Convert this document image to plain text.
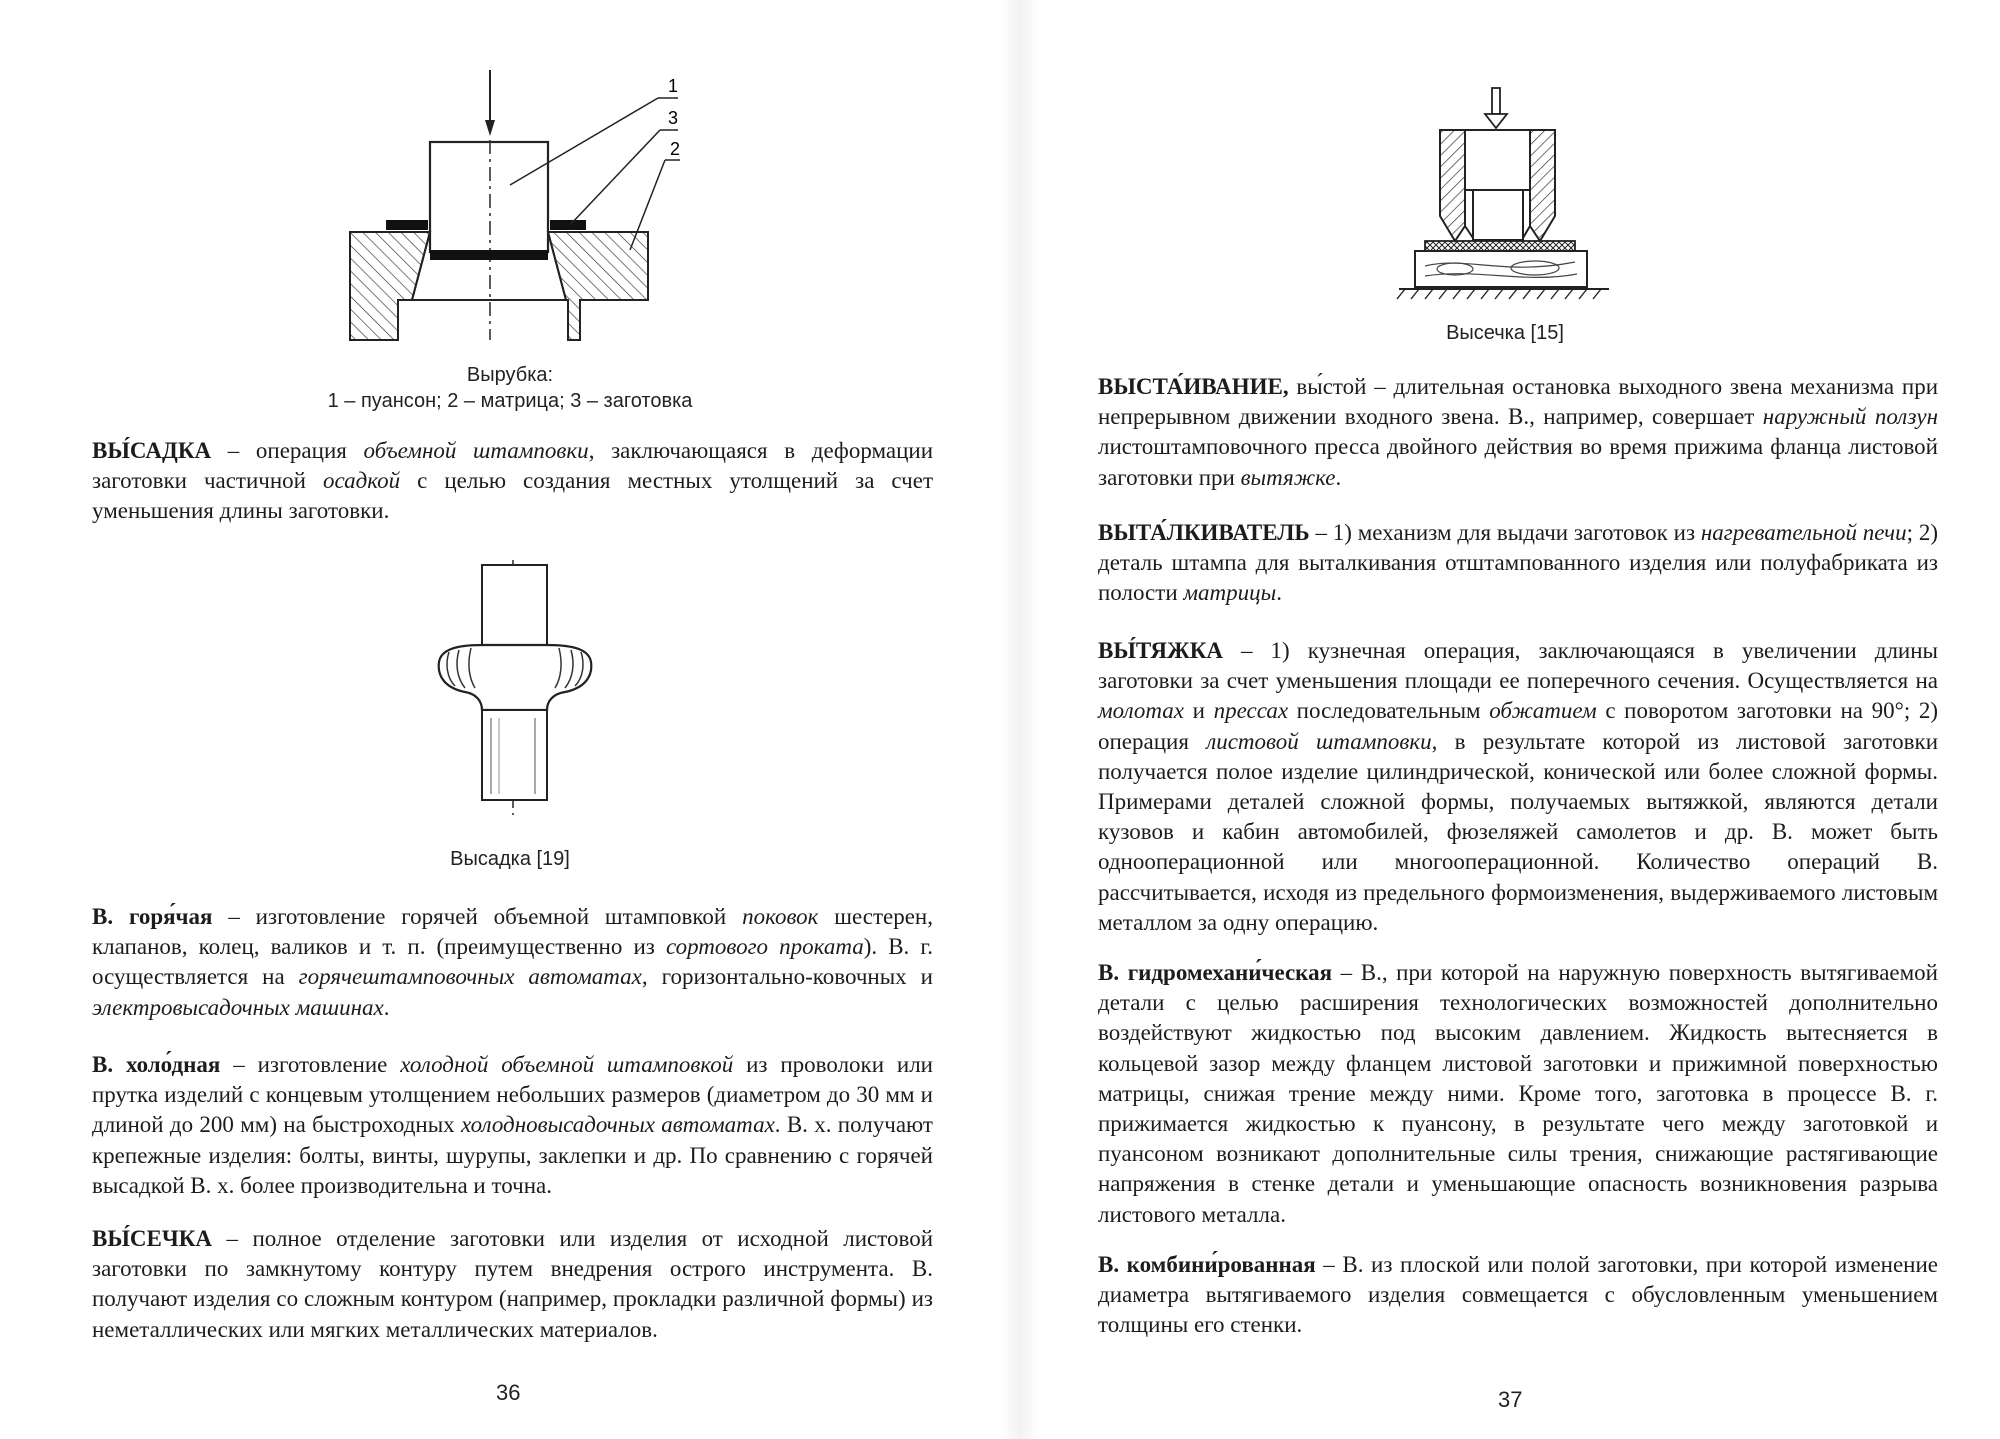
1
3
2
Вырубка:
1 – пуансон; 2 – матрица; 3 – заготовка
ВЫ́САДКА – операция объемной штамповки, заключающаяся в деформации заготовки частичной осадкой с целью создания местных утолщений за счет уменьшения длины заготовки.
Высадка [19]
В. горя́чая – изготовление горячей объемной штамповкой поковок шестерен, клапанов, колец, валиков и т. п. (преимущественно из сортового проката). В. г. осуществляется на горячештамповочных автоматах, горизонтально-ковочных и электровысадочных машинах.
В. холо́дная – изготовление холодной объемной штамповкой из проволоки или прутка изделий с концевым утолщением небольших размеров (диаметром до 30 мм и длиной до 200 мм) на быстроходных холодновысадочных автоматах. В. х. получают крепежные изделия: болты, винты, шурупы, заклепки и др. По сравнению с горячей высадкой В. х. более производительна и точна.
ВЫ́СЕЧКА – полное отделение заготовки или изделия от исходной листовой заготовки по замкнутому контуру путем внедрения острого инструмента. В. получают изделия со сложным контуром (например, прокладки различной формы) из неметаллических или мягких металлических материалов.
36
Высечка [15]
ВЫСТА́ИВАНИЕ, вы́стой – длительная остановка выходного звена механизма при непрерывном движении входного звена. В., например, совершает наружный ползун листоштамповочного пресса двойного действия во время прижима фланца листовой заготовки при вытяжке.
ВЫТА́ЛКИВАТЕЛЬ – 1) механизм для выдачи заготовок из нагревательной печи; 2) деталь штампа для выталкивания отштампованного изделия или полуфабриката из полости матрицы.
ВЫ́ТЯЖКА – 1) кузнечная операция, заключающаяся в увеличении длины заготовки за счет уменьшения площади ее поперечного сечения. Осуществляется на молотах и прессах последовательным обжатием с поворотом заготовки на 90°; 2) операция листовой штамповки, в результате которой из листовой заготовки получается полое изделие цилиндрической, конической или более сложной формы. Примерами деталей сложной формы, получаемых вытяжкой, являются детали кузовов и кабин автомобилей, фюзеляжей самолетов и др. В. может быть однооперационной или многооперационной. Количество операций В. рассчитывается, исходя из предельного формоизменения, выдерживаемого листовым металлом за одну операцию.
В. гидромехани́ческая – В., при которой на наружную поверхность вытягиваемой детали с целью расширения технологических возможностей дополнительно воздействуют жидкостью под высоким давлением. Жидкость вытесняется в кольцевой зазор между фланцем листовой заготовки и прижимной поверхностью матрицы, снижая трение между ними. Кроме того, заготовка в процессе В. г. прижимается жидкостью к пуансону, в результате чего между заготовкой и пуансоном возникают дополнительные силы трения, снижающие растягивающие напряжения в стенке детали и уменьшающие опасность возникновения разрыва листового металла.
В. комбини́рованная – В. из плоской или полой заготовки, при которой изменение диаметра вытягиваемого изделия совмещается с обусловленным уменьшением толщины его стенки.
37
